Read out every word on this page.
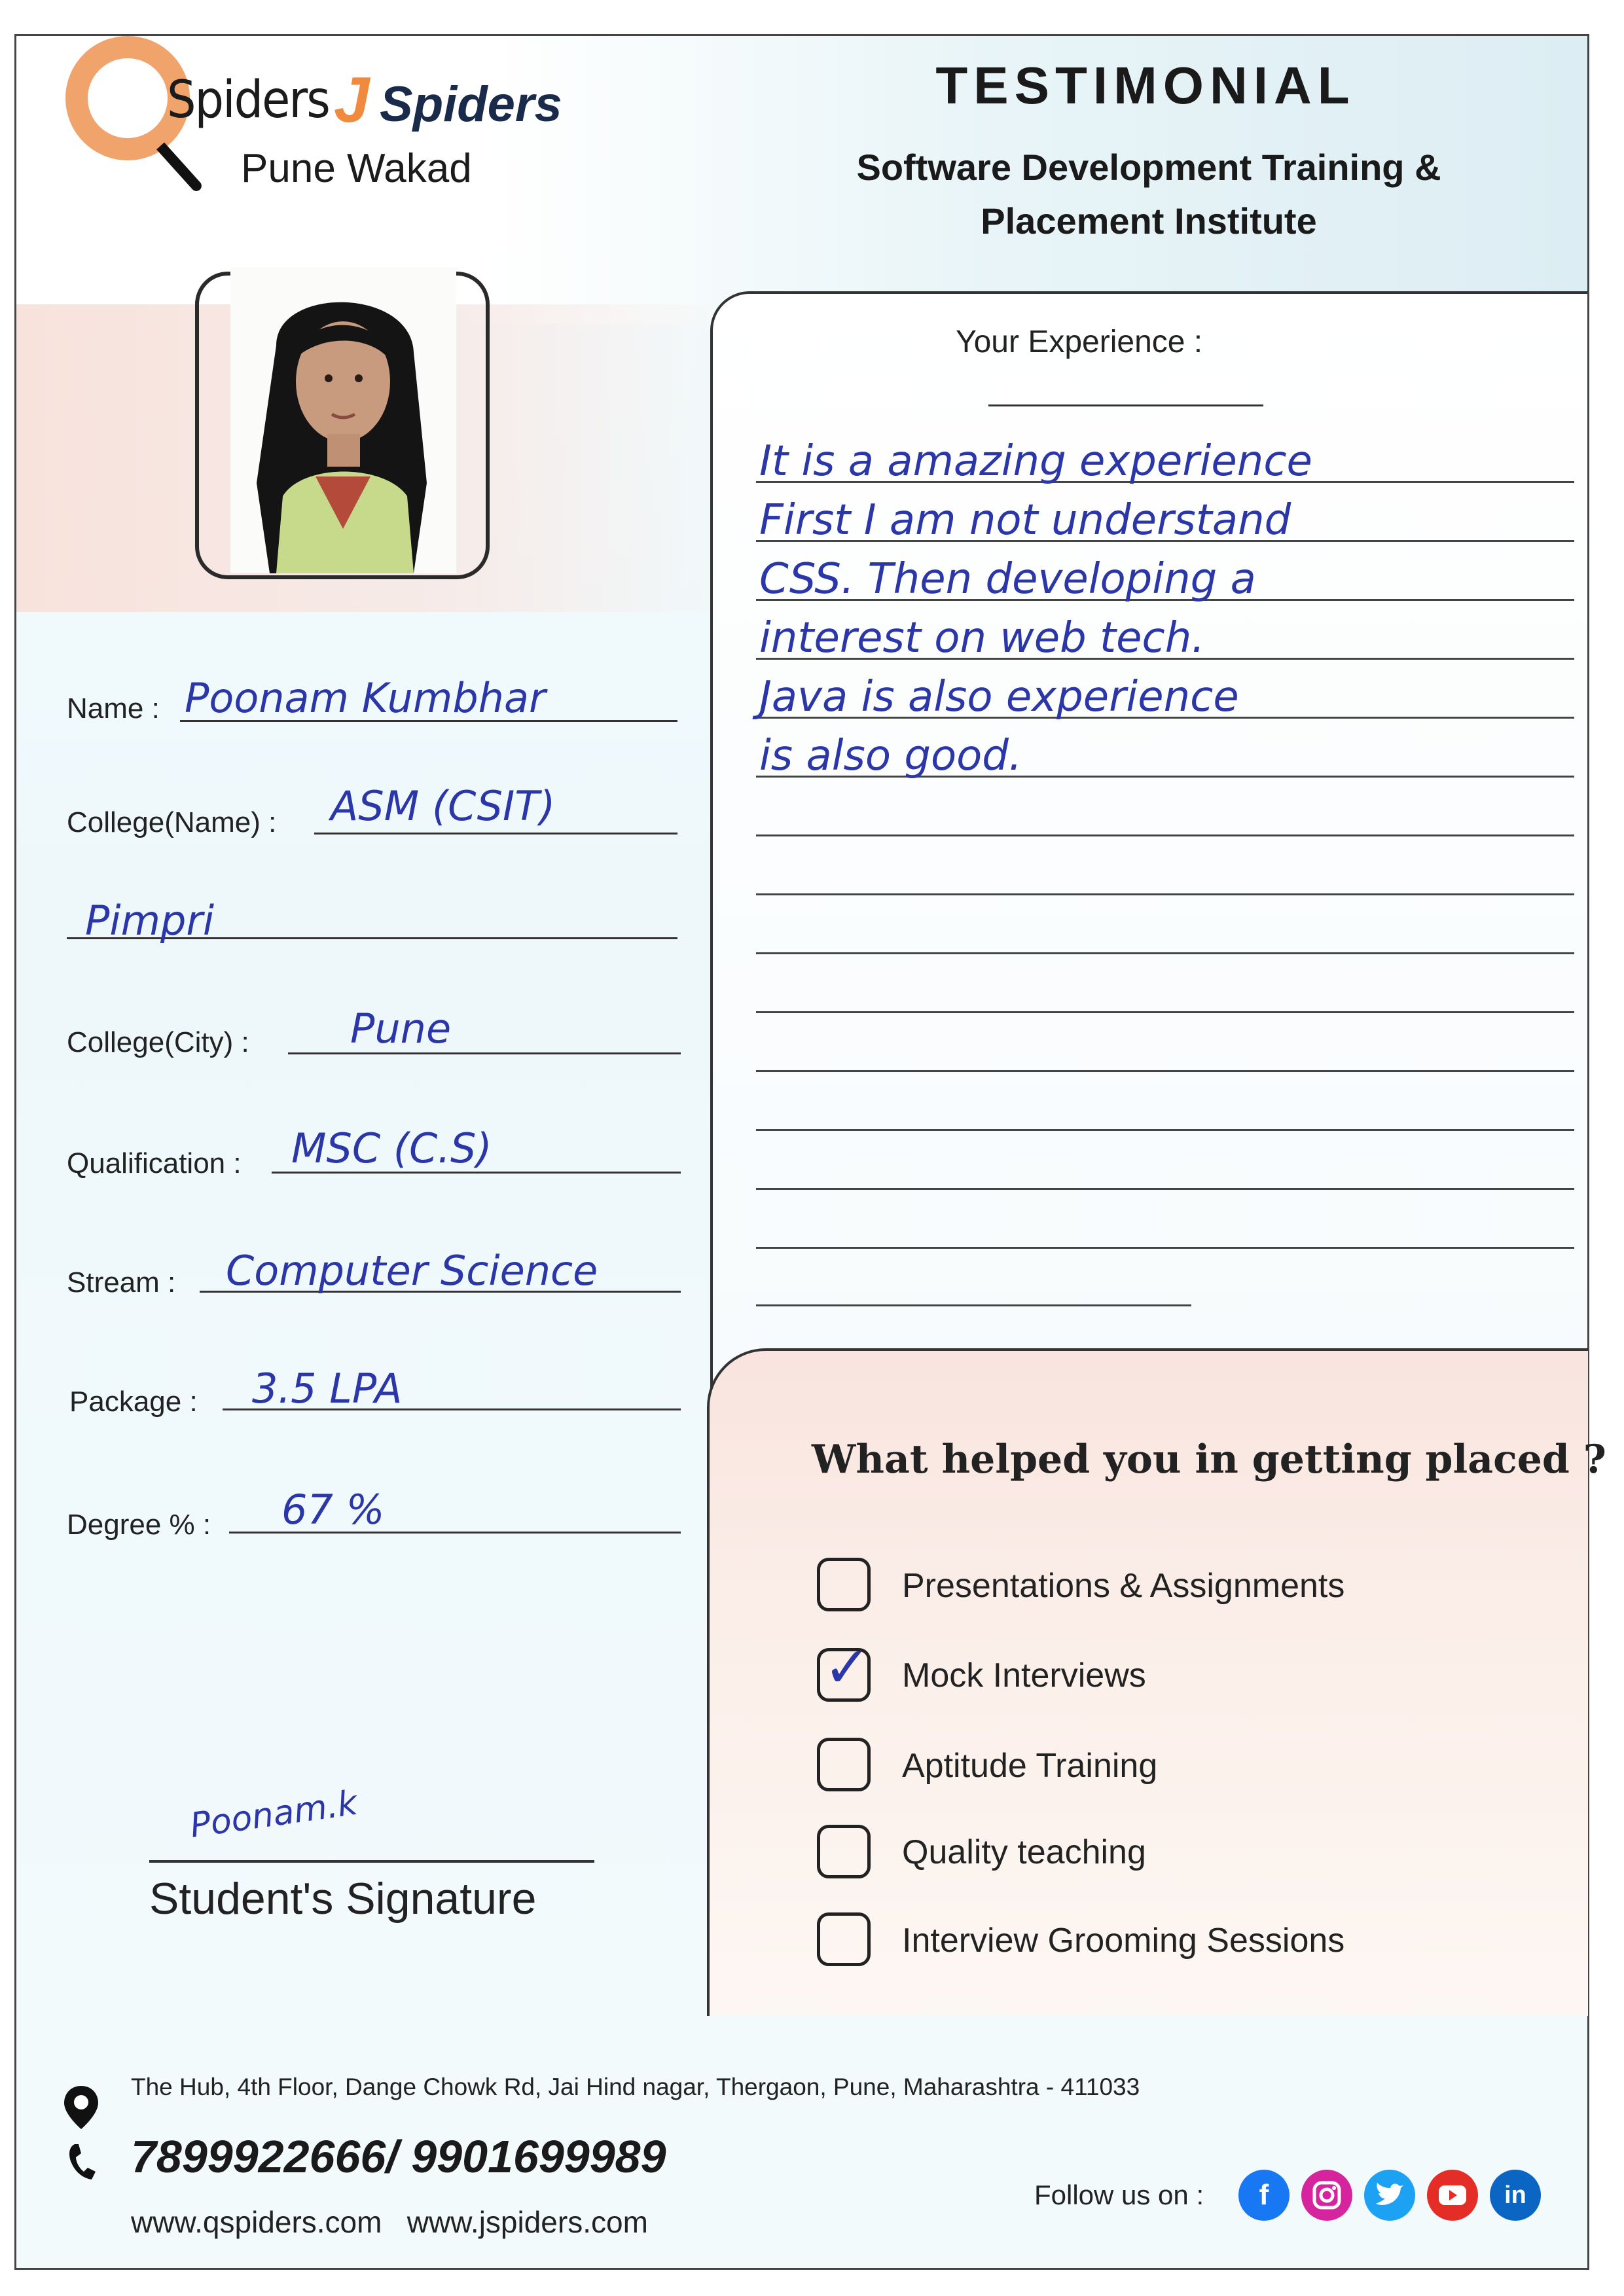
Spiders J Spiders
Pune Wakad
TESTIMONIAL
Software Development Training &
Placement Institute
Name : Poonam Kumbhar
College(Name) : ASM (CSIT)
Pimpri
College(City) : Pune
Qualification : MSC (C.S)
Stream : Computer Science
Package : 3.5 LPA
Degree % : 67 %
Poonam.k
Student's Signature
Your Experience :
It is a amazing experience
First I am not understand
CSS. Then developing a
interest on web tech.
Java is also experience
is also good.
What helped you in getting placed ?
Presentations & Assignments
✓ Mock Interviews
Aptitude Training
Quality teaching
Interview Grooming Sessions
The Hub, 4th Floor, Dange Chowk Rd, Jai Hind nagar, Thergaon, Pune, Maharashtra - 411033
7899922666/ 9901699989
www.qspiders.com   www.jspiders.com
Follow us on :	f	in
